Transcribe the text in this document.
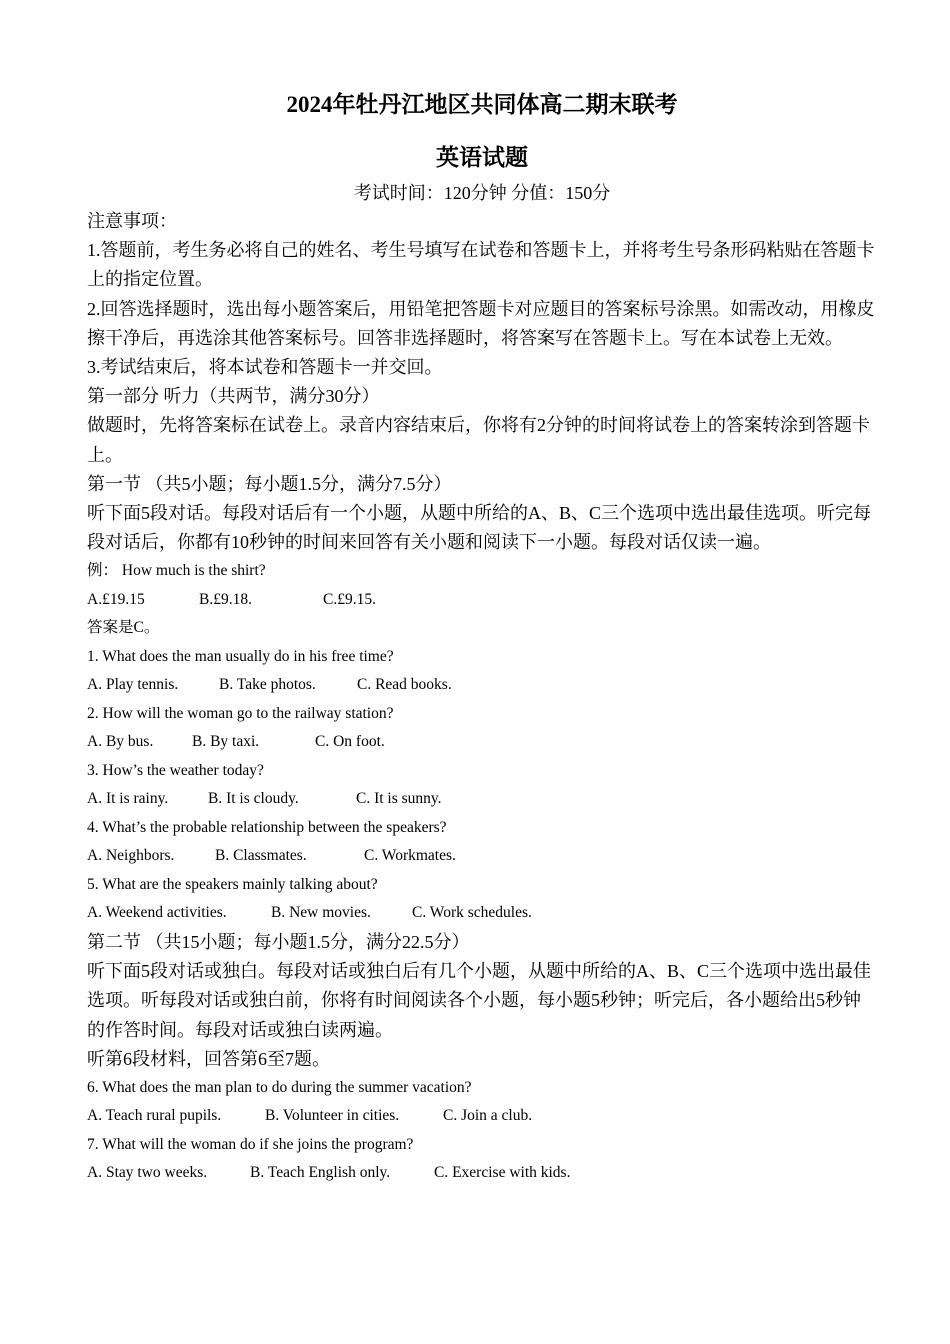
2024年牡丹江地区共同体高二期末联考
英语试题
考试时间：120分钟 分值：150分

注意事项：

1.答题前，考生务必将自己的姓名、考生号填写在试卷和答题卡上，并将考生号条形码粘贴在答题卡上的指定位置。

2.回答选择题时，选出每小题答案后，用铅笔把答题卡对应题目的答案标号涂黑。如需改动，用橡皮擦干净后，再选涂其他答案标号。回答非选择题时，将答案写在答题卡上。写在本试卷上无效。

3.考试结束后，将本试卷和答题卡一并交回。

第一部分 听力（共两节，满分30分）

做题时，先将答案标在试卷上。录音内容结束后，你将有2分钟的时间将试卷上的答案转涂到答题卡上。

第一节 （共5小题；每小题1.5分，满分7.5分）

听下面5段对话。每段对话后有一个小题，从题中所给的A、B、C三个选项中选出最佳选项。听完每段对话后，你都有10秒钟的时间来回答有关小题和阅读下一小题。每段对话仅读一遍。

例： How much is the shirt?

A.£19.15	B.£9.18.	C.£9.15.

答案是C。

1. What does the man usually do in his free time?

A. Play tennis.	B. Take photos.	C. Read books.

2. How will the woman go to the railway station?

A. By bus.	B. By taxi.	C. On foot.

3. How’s the weather today?

A. It is rainy.	B. It is cloudy.	C. It is sunny.

4. What’s the probable relationship between the speakers?

A. Neighbors.	B. Classmates.	C. Workmates.

5. What are the speakers mainly talking about?

A. Weekend activities.	B. New movies.	C. Work schedules.

第二节 （共15小题；每小题1.5分，满分22.5分）

听下面5段对话或独白。每段对话或独白后有几个小题，从题中所给的A、B、C三个选项中选出最佳选项。听每段对话或独白前，你将有时间阅读各个小题，每小题5秒钟；听完后，各小题给出5秒钟的作答时间。每段对话或独白读两遍。

听第6段材料，回答第6至7题。

6. What does the man plan to do during the summer vacation?

A. Teach rural pupils.	B. Volunteer in cities.	C. Join a club.

7. What will the woman do if she joins the program?

A. Stay two weeks.	B. Teach English only.	C. Exercise with kids.
